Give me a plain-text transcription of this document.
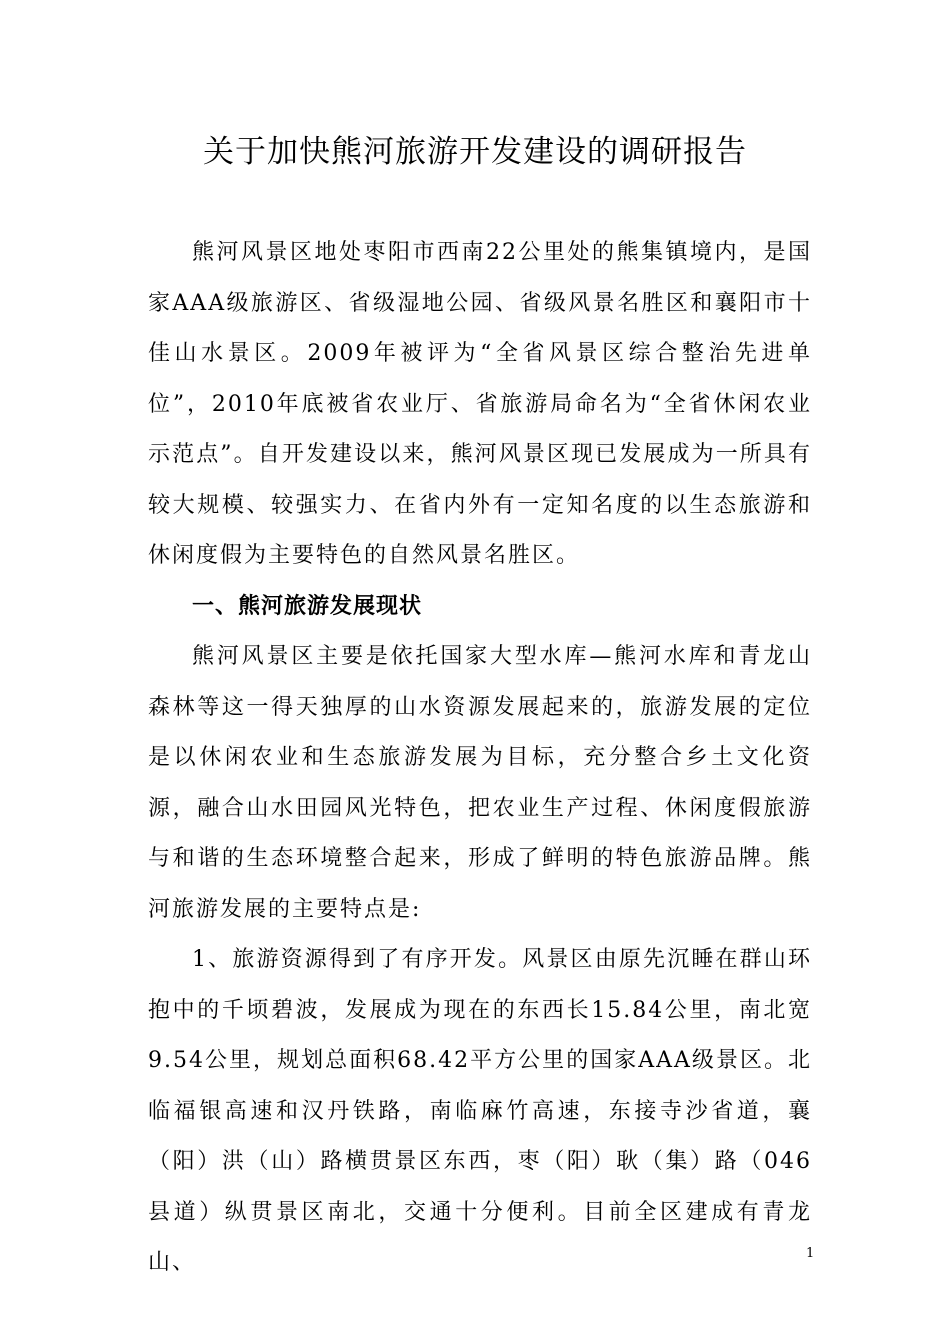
关于加快熊河旅游开发建设的调研报告

熊河风景区地处枣阳市西南22公里处的熊集镇境内，是国家AAA级旅游区、省级湿地公园、省级风景名胜区和襄阳市十佳山水景区。2009年被评为“全省风景区综合整治先进单位”，2010年底被省农业厅、省旅游局命名为“全省休闲农业示范点”。自开发建设以来，熊河风景区现已发展成为一所具有较大规模、较强实力、在省内外有一定知名度的以生态旅游和休闲度假为主要特色的自然风景名胜区。

一、熊河旅游发展现状

熊河风景区主要是依托国家大型水库—熊河水库和青龙山森林等这一得天独厚的山水资源发展起来的，旅游发展的定位是以休闲农业和生态旅游发展为目标，充分整合乡土文化资源，融合山水田园风光特色，把农业生产过程、休闲度假旅游与和谐的生态环境整合起来，形成了鲜明的特色旅游品牌。熊河旅游发展的主要特点是:

1、旅游资源得到了有序开发。风景区由原先沉睡在群山环抱中的千顷碧波，发展成为现在的东西长15.84公里，南北宽9.54公里，规划总面积68.42平方公里的国家AAA级景区。北临福银高速和汉丹铁路，南临麻竹高速，东接寺沙省道，襄（阳）洪（山）路横贯景区东西，枣（阳）耿（集）路（046县道）纵贯景区南北，交通十分便利。目前全区建成有青龙山、	1
